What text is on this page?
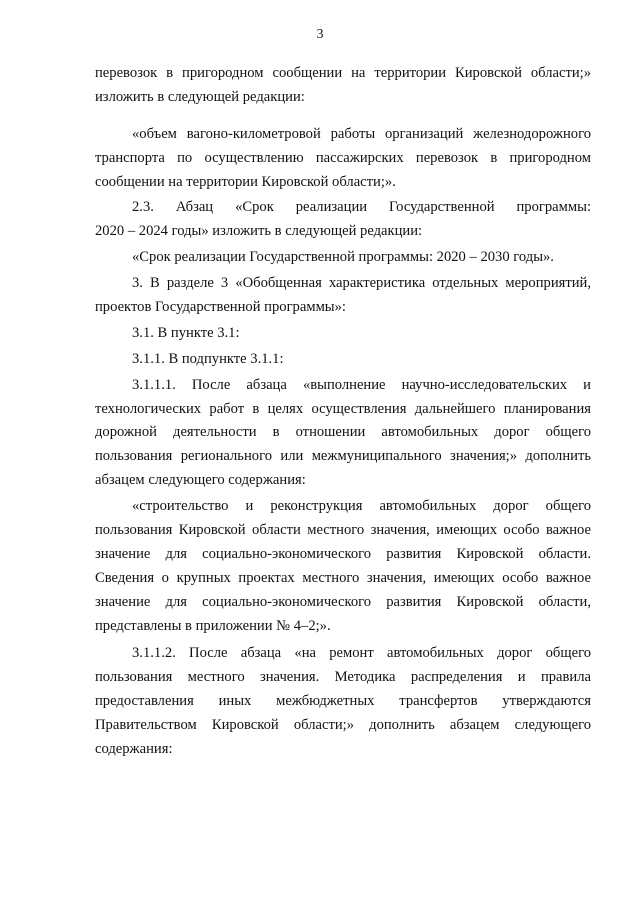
3
перевозок в пригородном сообщении на территории Кировской области;»
изложить в следующей редакции:
«объем вагоно-километровой работы организаций железнодорожного
транспорта по осуществлению пассажирских перевозок в пригородном
сообщении на территории Кировской области;».
2.3. Абзац «Срок реализации Государственной программы:
2020 – 2024 годы» изложить в следующей редакции:
«Срок реализации Государственной программы: 2020 – 2030 годы».
3. В разделе 3 «Обобщенная характеристика отдельных мероприятий,
проектов Государственной программы»:
3.1. В пункте 3.1:
3.1.1. В подпункте 3.1.1:
3.1.1.1. После абзаца «выполнение научно-исследовательских и
технологических работ в целях осуществления дальнейшего планирования
дорожной деятельности в отношении автомобильных дорог общего
пользования регионального или межмуниципального значения;» дополнить
абзацем следующего содержания:
«строительство и реконструкция автомобильных дорог общего
пользования Кировской области местного значения, имеющих особо важное
значение для социально-экономического развития Кировской области.
Сведения о крупных проектах местного значения, имеющих особо важное
значение для социально-экономического развития Кировской области,
представлены в приложении № 4–2;».
3.1.1.2. После абзаца «на ремонт автомобильных дорог общего
пользования местного значения. Методика распределения и правила
предоставления иных межбюджетных трансфертов утверждаются
Правительством Кировской области;» дополнить абзацем следующего
содержания:
